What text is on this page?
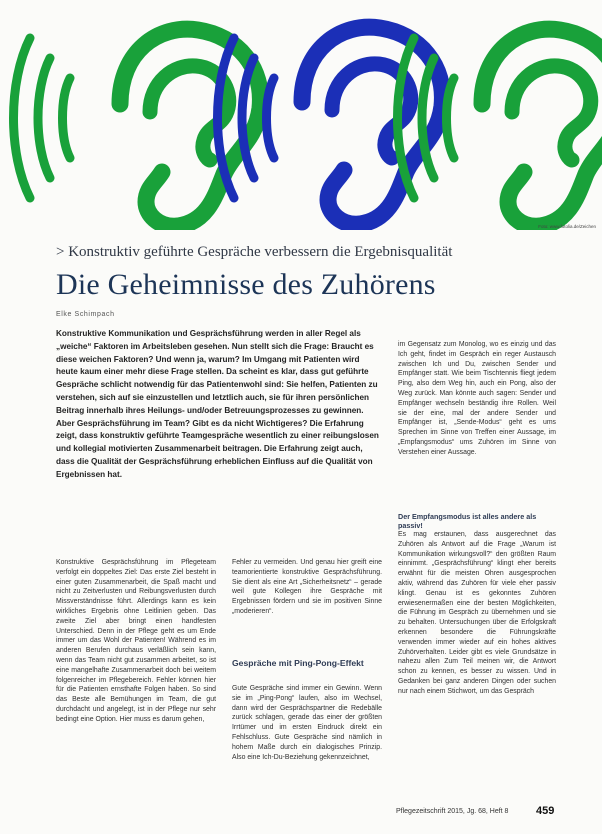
Foto: www.fotolia.de/Zeichen
> Konstruktiv geführte Gespräche verbessern die Ergebnisqualität
Die Geheimnisse des Zuhörens
Elke Schimpach

Konstruktive Kommunikation und Gesprächsführung werden in aller Regel als „weiche“ Faktoren im Arbeitsleben gesehen. Nun stellt sich die Frage: Braucht es diese weichen Faktoren? Und wenn ja, warum? Im Umgang mit Patienten wird heute kaum einer mehr diese Frage stellen. Da scheint es klar, dass gut geführte Gespräche schlicht notwendig für das Patientenwohl sind: Sie helfen, Patienten zu verstehen, sich auf sie einzustellen und letztlich auch, sie für ihren persönlichen Beitrag innerhalb ihres Heilungs- und/oder Betreuungsprozesses zu gewinnen. Aber Gesprächsführung im Team? Gibt es da nicht Wichtigeres? Die Erfahrung zeigt, dass konstruktiv geführte Teamgespräche wesentlich zu einer reibungslosen und kollegial motivierten Zusammenarbeit beitragen. Die Erfahrung zeigt auch, dass die Qualität der Gesprächsführung erheblichen Einfluss auf die Qualität von Ergebnissen hat.

Konstruktive Gesprächsführung im Pflegeteam verfolgt ein doppeltes Ziel: Das erste Ziel besteht in einer guten Zusammenarbeit, die Spaß macht und nicht zu Zeitverlusten und Reibungsverlusten durch Missverständnisse führt. Allerdings kann es kein wirkliches Ergebnis ohne Leitlinien geben. Das zweite Ziel aber bringt einen handfesten Unterschied. Denn in der Pflege geht es um Ende immer um das Wohl der Patienten! Während es im anderen Berufen durchaus verläßlich sein kann, wenn das Team nicht gut zusammen arbeitet, so ist eine mangelhafte Zusammenarbeit doch bei weitem folgenreicher im Pflegebereich. Fehler können hier für die Patienten ernsthafte Folgen haben. So sind das Beste alle Bemühungen im Team, die gut durchdacht und angelegt, ist in der Pflege nur sehr bedingt eine Option. Hier muss es darum gehen,

Fehler zu vermeiden. Und genau hier greift eine teamorientierte konstruktive Gesprächsführung. Sie dient als eine Art „Sicherheitsnetz“ – gerade weil gute Kollegen ihre Gespräche mit Ergebnissen fördern und sie im positiven Sinne „moderieren“.

Gespräche mit Ping-Pong-Effekt

Gute Gespräche sind immer ein Gewinn. Wenn sie im „Ping-Pong“ laufen, also im Wechsel, dann wird der Gesprächspartner die Redebälle zurück schlagen, gerade das einer der größten Irrtümer und im ersten Eindruck direkt ein Fehlschluss. Gute Gespräche sind nämlich in hohem Maße durch ein dialogisches Prinzip. Also eine Ich-Du-Beziehung gekennzeichnet,

im Gegensatz zum Monolog, wo es einzig und das Ich geht, findet im Gespräch ein reger Austausch zwischen Ich und Du, zwischen Sender und Empfänger statt. Wie beim Tischtennis fliegt jedem Ping, also dem Weg hin, auch ein Pong, also der Weg zurück. Man könnte auch sagen: Sender und Empfänger wechseln beständig ihre Rollen. Weil sie der eine, mal der andere Sender und Empfänger ist, „Sende-Modus“ geht es ums Sprechen im Sinne von Treffen einer Aussage, im „Empfangsmodus“ ums Zuhören im Sinne von Verstehen einer Aussage.

Der Empfangsmodus ist alles andere als passiv!

Es mag erstaunen, dass ausgerechnet das Zuhören als Antwort auf die Frage „Warum ist Kommunikation wirkungsvoll?“ den größten Raum einnimmt. „Gesprächsführung“ klingt eher bereits erwähnt für die meisten Ohren ausgesprochen aktiv, während das Zuhören für viele eher passiv klingt. Genau ist es gekonntes Zuhören erwiesenermaßen eine der besten Möglichkeiten, die Führung im Gespräch zu übernehmen und sie zu behalten. Untersuchungen über die Erfolgskraft erkennen besondere die Führungskräfte verwenden immer wieder auf ein hohes aktives Zuhörverhalten. Leider gibt es viele Grundsätze in nahezu allen Zum Teil meinen wir, die Antwort schon zu kennen, es besser zu wissen. Und in Gedanken bei ganz anderen Dingen oder suchen nur nach einem Stichwort, um das Gespräch

Pflegezeitschrift 2015, Jg. 68, Heft 8	459
